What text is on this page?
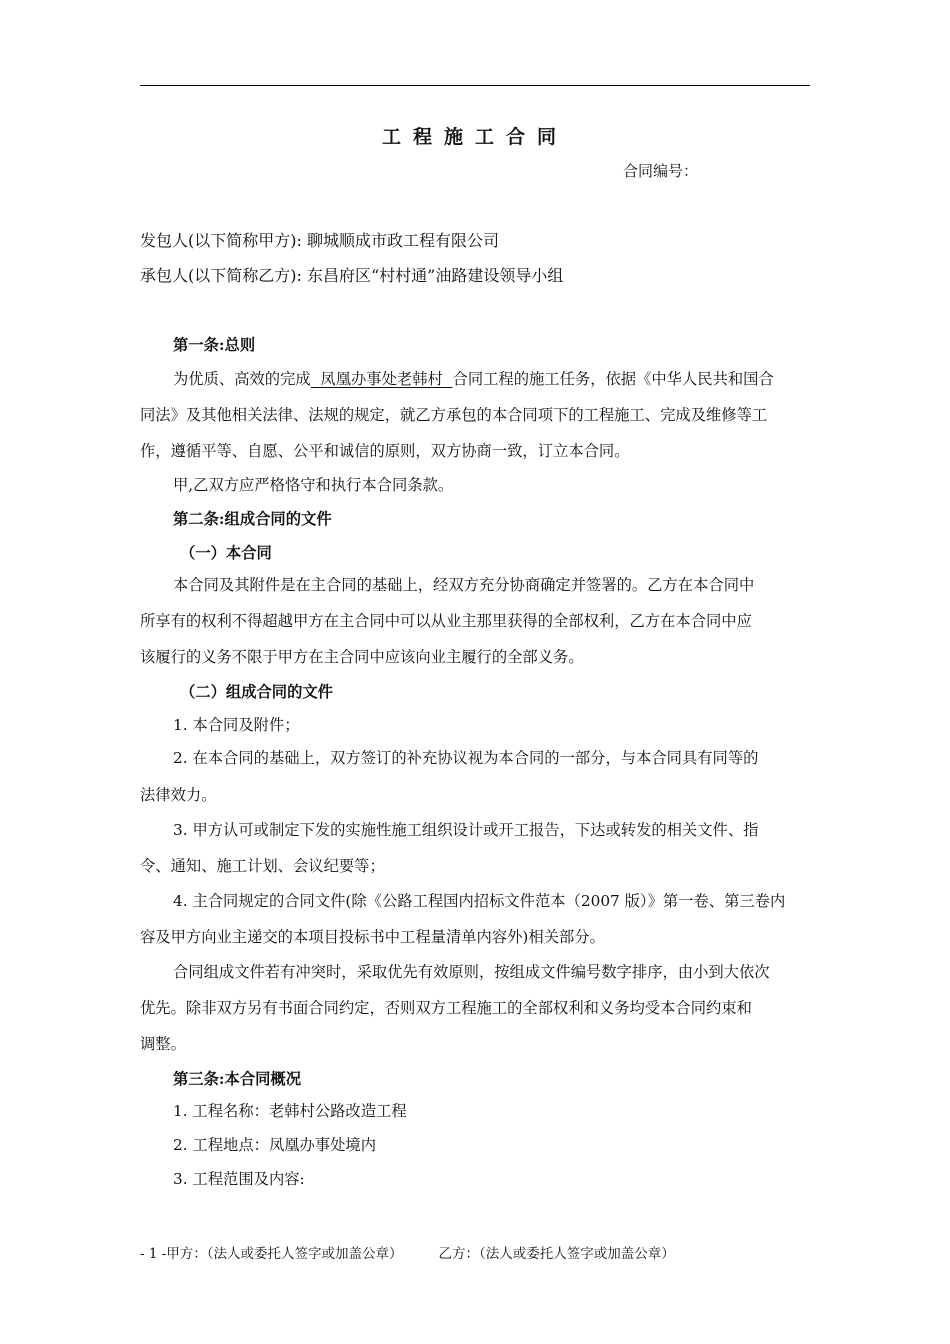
工程施工合同
合同编号：
发包人(以下简称甲方): 聊城顺成市政工程有限公司
承包人(以下简称乙方): 东昌府区“村村通”油路建设领导小组
第一条:总则
为优质、高效的完成  凤凰办事处老韩村  合同工程的施工任务，依据《中华人民共和国合
同法》及其他相关法律、法规的规定，就乙方承包的本合同项下的工程施工、完成及维修等工
作，遵循平等、自愿、公平和诚信的原则，双方协商一致，订立本合同。
甲,乙双方应严格恪守和执行本合同条款。
第二条:组成合同的文件
（一）本合同
本合同及其附件是在主合同的基础上，经双方充分协商确定并签署的。乙方在本合同中
所享有的权利不得超越甲方在主合同中可以从业主那里获得的全部权利，乙方在本合同中应
该履行的义务不限于甲方在主合同中应该向业主履行的全部义务。
（二）组成合同的文件
1. 本合同及附件；
2. 在本合同的基础上，双方签订的补充协议视为本合同的一部分，与本合同具有同等的
法律效力。
3. 甲方认可或制定下发的实施性施工组织设计或开工报告，下达或转发的相关文件、指
令、通知、施工计划、会议纪要等；
4. 主合同规定的合同文件(除《公路工程国内招标文件范本（2007 版）》第一卷、第三卷内
容及甲方向业主递交的本项目投标书中工程量清单内容外)相关部分。
合同组成文件若有冲突时，采取优先有效原则，按组成文件编号数字排序，由小到大依次
优先。除非双方另有书面合同约定，否则双方工程施工的全部权利和义务均受本合同约束和
调整。
第三条:本合同概况
1. 工程名称：老韩村公路改造工程
2. 工程地点：凤凰办事处境内
3. 工程范围及内容:
- 1 -甲方：（法人或委托人签字或加盖公章）	乙方：（法人或委托人签字或加盖公章）
